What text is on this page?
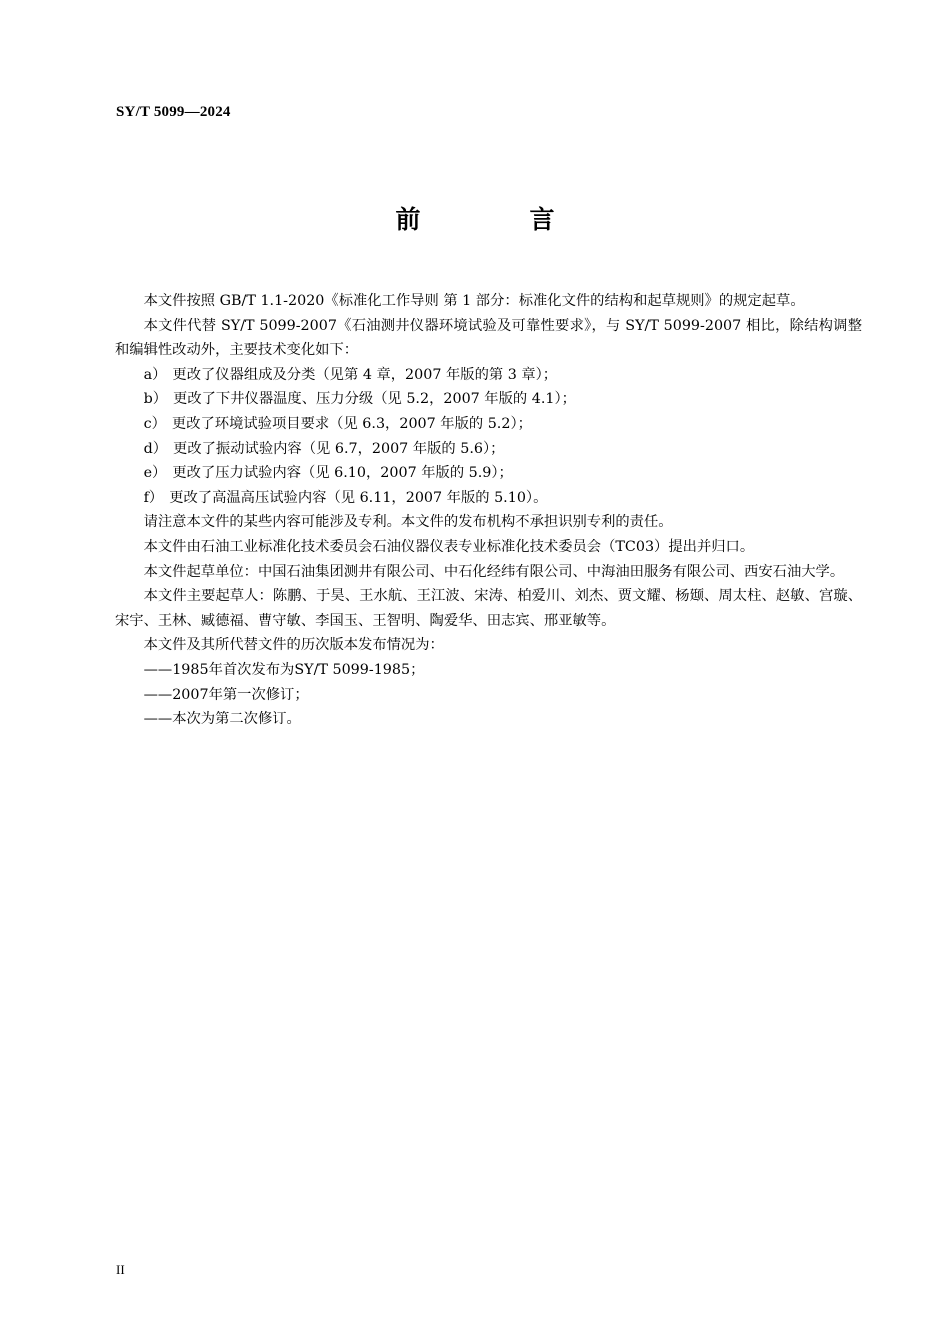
SY/T 5099—2024
前　言

本文件按照 GB/T 1.1-2020《标准化工作导则 第 1 部分：标准化文件的结构和起草规则》的规定起草。

本文件代替 SY/T 5099-2007《石油测井仪器环境试验及可靠性要求》，与 SY/T 5099-2007 相比，除结构调整和编辑性改动外，主要技术变化如下：

a） 更改了仪器组成及分类（见第 4 章，2007 年版的第 3 章）；

b） 更改了下井仪器温度、压力分级（见 5.2，2007 年版的 4.1）；

c） 更改了环境试验项目要求（见 6.3，2007 年版的 5.2）；

d） 更改了振动试验内容（见 6.7，2007 年版的 5.6）；

e） 更改了压力试验内容（见 6.10，2007 年版的 5.9）；

f） 更改了高温高压试验内容（见 6.11，2007 年版的 5.10）。

请注意本文件的某些内容可能涉及专利。本文件的发布机构不承担识别专利的责任。

本文件由石油工业标准化技术委员会石油仪器仪表专业标准化技术委员会（TC03）提出并归口。

本文件起草单位：中国石油集团测井有限公司、中石化经纬有限公司、中海油田服务有限公司、西安石油大学。

本文件主要起草人：陈鹏、于昊、王水航、王江波、宋涛、柏爱川、刘杰、贾文耀、杨颋、周太柱、赵敏、宫璇、宋宇、王林、臧德福、曹守敏、李国玉、王智明、陶爱华、田志宾、邢亚敏等。

本文件及其所代替文件的历次版本发布情况为：

——1985年首次发布为SY/T 5099-1985；

——2007年第一次修订；

——本次为第二次修订。

II
